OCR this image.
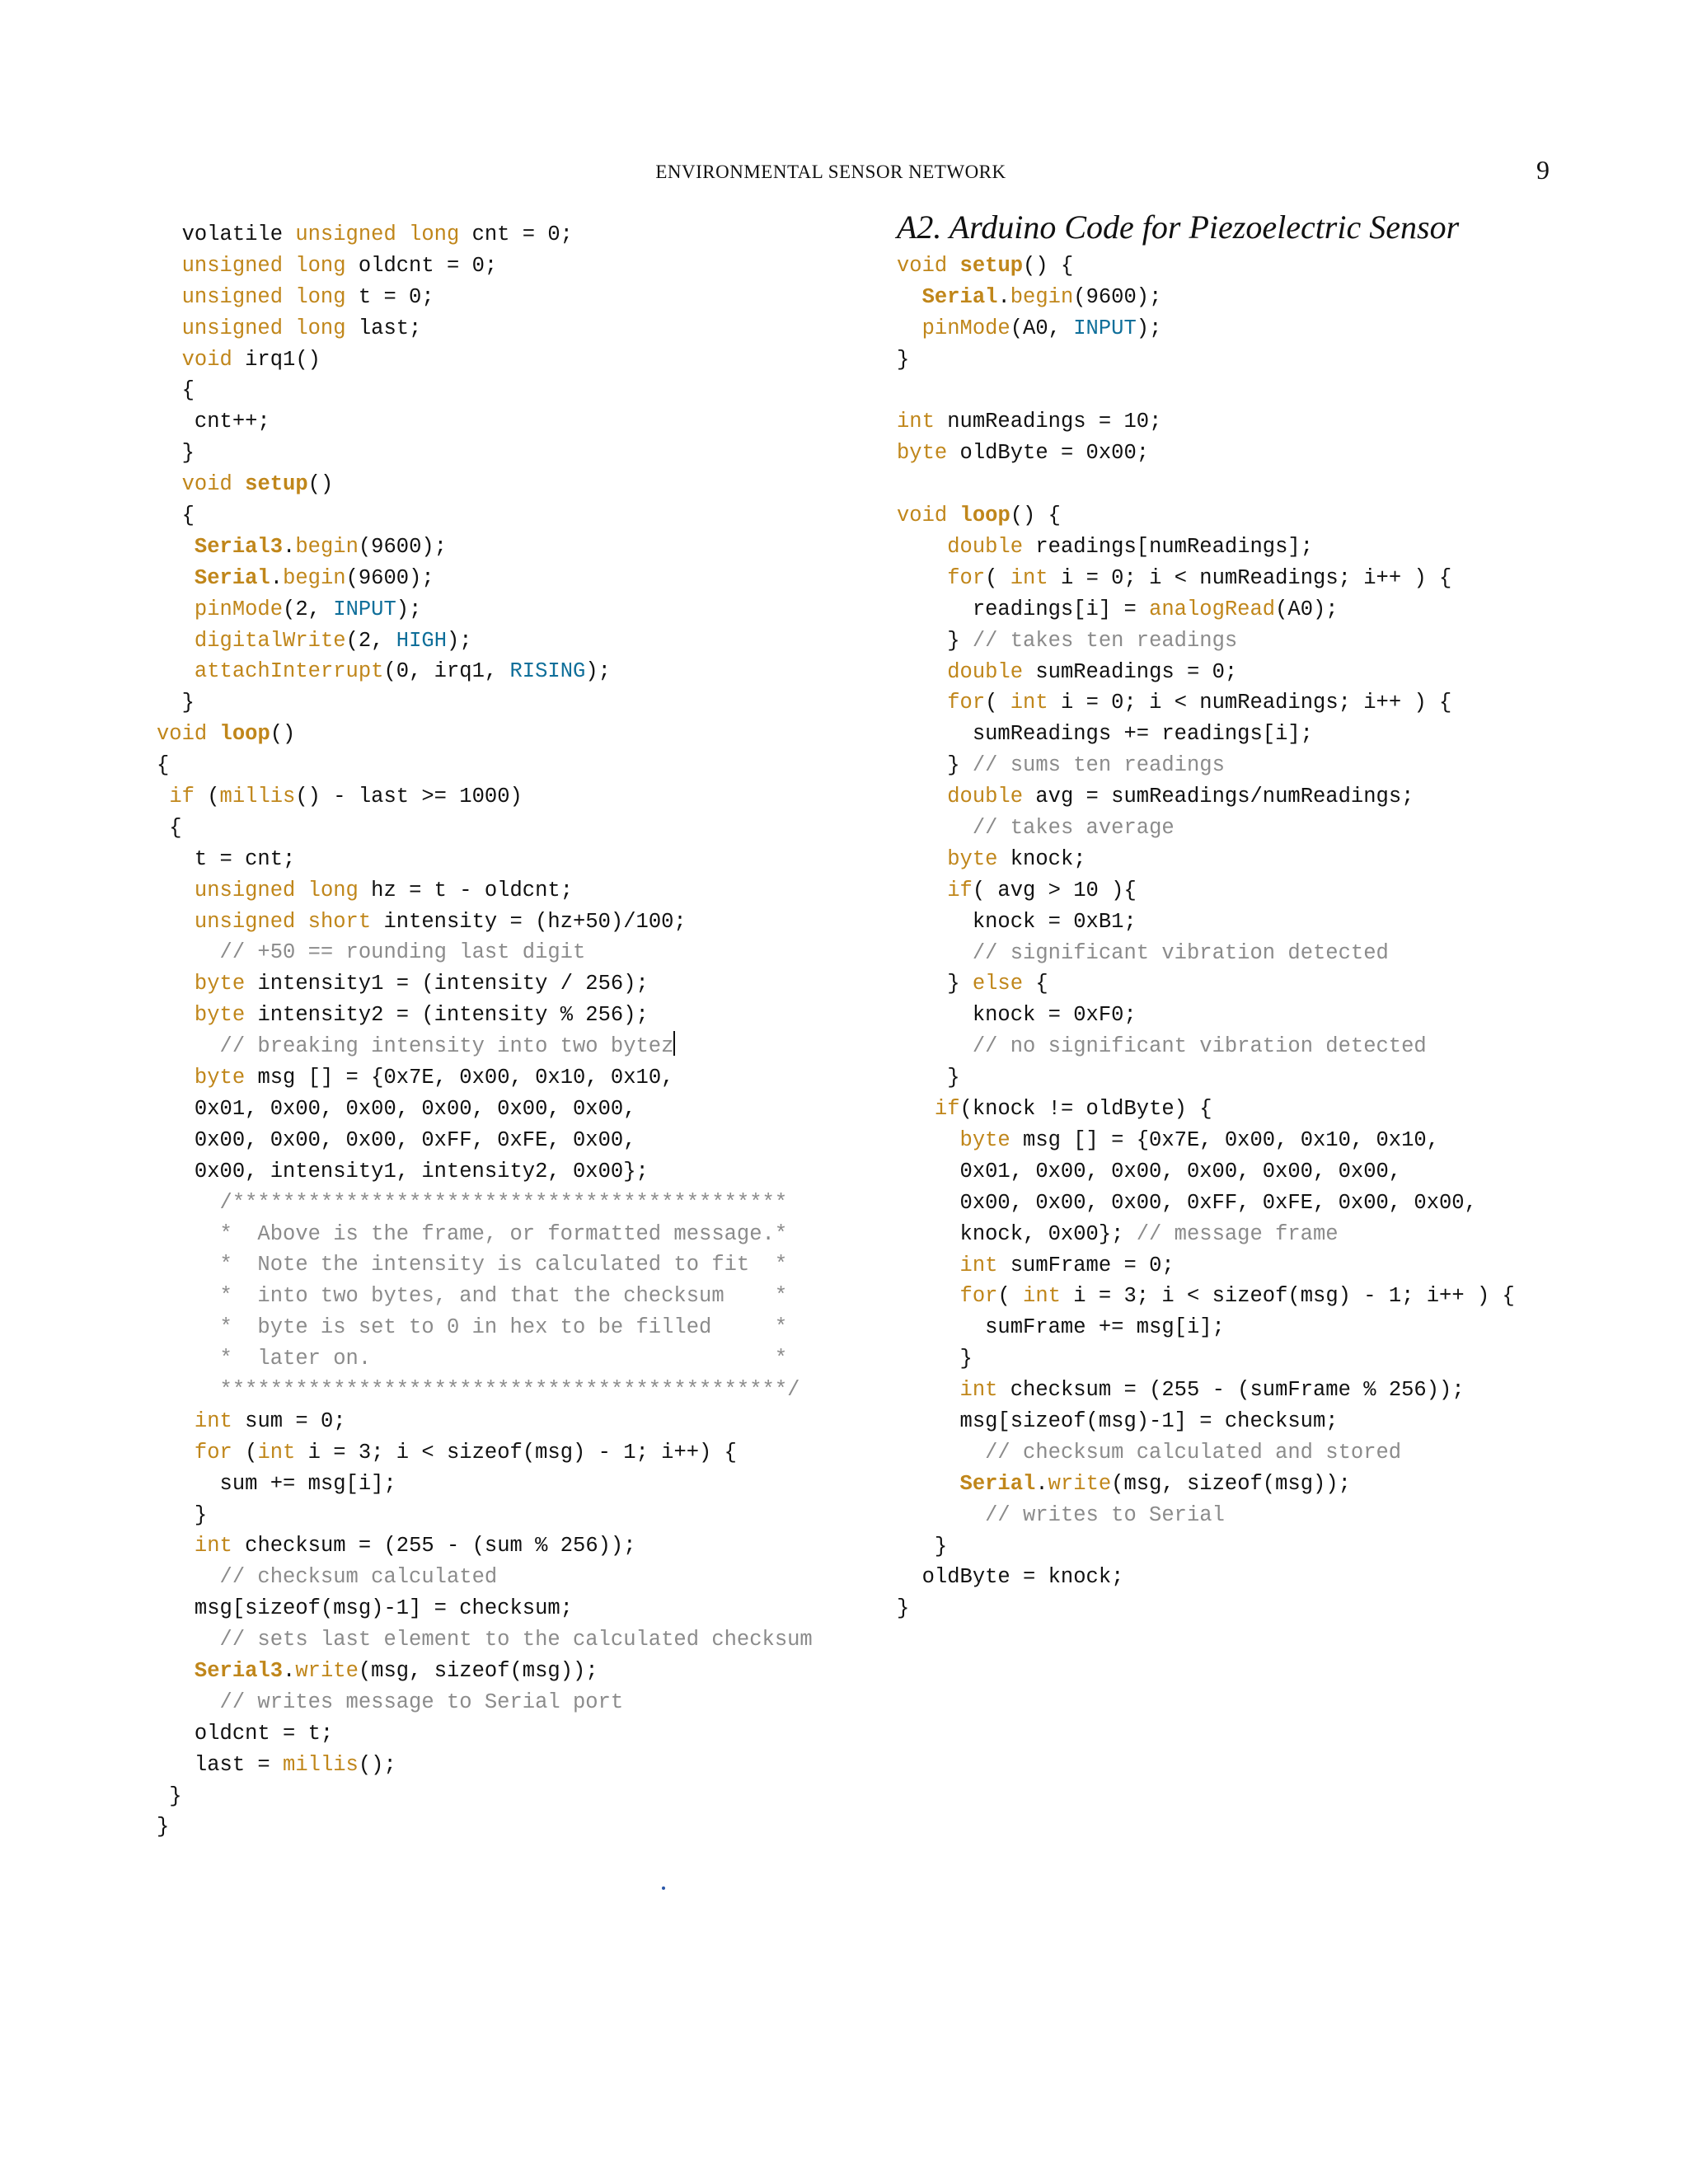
ENVIRONMENTAL SENSOR NETWORK	9
volatile unsigned long cnt = 0;
unsigned long oldcnt = 0;
unsigned long t = 0;
unsigned long last;
void irq1()
{
cnt++;
}
void setup()
{
Serial3.begin(9600);
Serial.begin(9600);
pinMode(2, INPUT);
digitalWrite(2, HIGH);
attachInterrupt(0, irq1, RISING);
}
void loop()
{
if (millis() - last >= 1000)
{
t = cnt;
unsigned long hz = t - oldcnt;
unsigned short intensity = (hz+50)/100;
// +50 == rounding last digit
byte intensity1 = (intensity / 256);
byte intensity2 = (intensity % 256);
// breaking intensity into two bytez
byte msg [] = {0x7E, 0x00, 0x10, 0x10,
0x01, 0x00, 0x00, 0x00, 0x00, 0x00,
0x00, 0x00, 0x00, 0xFF, 0xFE, 0x00,
0x00, intensity1, intensity2, 0x00};
/********************************************
*  Above is the frame, or formatted message.*
*  Note the intensity is calculated to fit  *
*  into two bytes, and that the checksum    *
*  byte is set to 0 in hex to be filled     *
*  later on.                                *
*********************************************/
int sum = 0;
for (int i = 3; i < sizeof(msg) - 1; i++) {
sum += msg[i];
}
int checksum = (255 - (sum % 256));
// checksum calculated
msg[sizeof(msg)-1] = checksum;
// sets last element to the calculated checksum
Serial3.write(msg, sizeof(msg));
// writes message to Serial port
oldcnt = t;
last = millis();
}
}
A2. Arduino Code for Piezoelectric Sensor
void setup() {
Serial.begin(9600);
pinMode(A0, INPUT);
}
int numReadings = 10;
byte oldByte = 0x00;
void loop() {
double readings[numReadings];
for( int i = 0; i < numReadings; i++ ) {
readings[i] = analogRead(A0);
} // takes ten readings
double sumReadings = 0;
for( int i = 0; i < numReadings; i++ ) {
sumReadings += readings[i];
} // sums ten readings
double avg = sumReadings/numReadings;
// takes average
byte knock;
if( avg > 10 ){
knock = 0xB1;
// significant vibration detected
} else {
knock = 0xF0;
// no significant vibration detected
}
if(knock != oldByte) {
byte msg [] = {0x7E, 0x00, 0x10, 0x10,
0x01, 0x00, 0x00, 0x00, 0x00, 0x00,
0x00, 0x00, 0x00, 0xFF, 0xFE, 0x00, 0x00,
knock, 0x00}; // message frame
int sumFrame = 0;
for( int i = 3; i < sizeof(msg) - 1; i++ ) {
sumFrame += msg[i];
}
int checksum = (255 - (sumFrame % 256));
msg[sizeof(msg)-1] = checksum;
// checksum calculated and stored
Serial.write(msg, sizeof(msg));
// writes to Serial
}
oldByte = knock;
}
